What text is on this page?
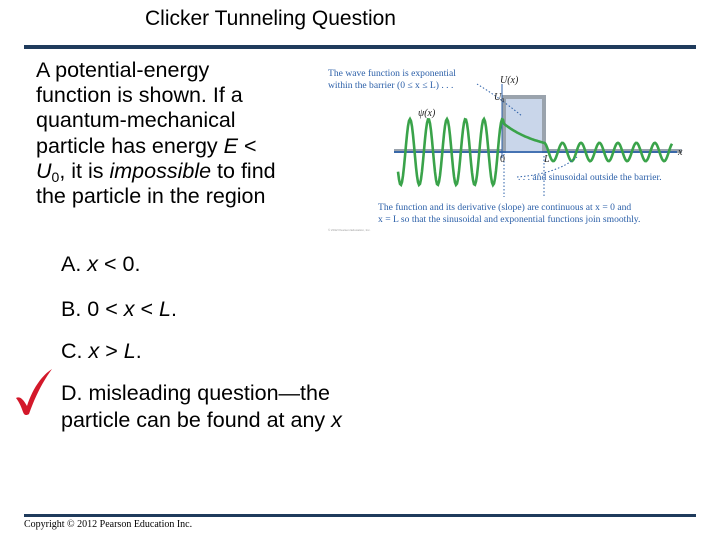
Clicker Tunneling Question
A potential-energy
function is shown. If a
quantum-mechanical
particle has energy E <
$U_0$, it is impossible to find
the particle in the region
The wave function is exponential
within the barrier (0 ≤ x ≤ L) . . .	U(x)
$U_0$
ψ(x)
0	L
x
. . . and sinusoidal outside the barrier.
The function and its derivative (slope) are continuous at x = 0 and
x = L so that the sinusoidal and exponential functions join smoothly.
© 2012 Pearson Education, Inc.
A. x < 0.
B. 0 < x < L.
C. x > L.
D. misleading question—the
particle can be found at any x
Copyright © 2012 Pearson Education Inc.
